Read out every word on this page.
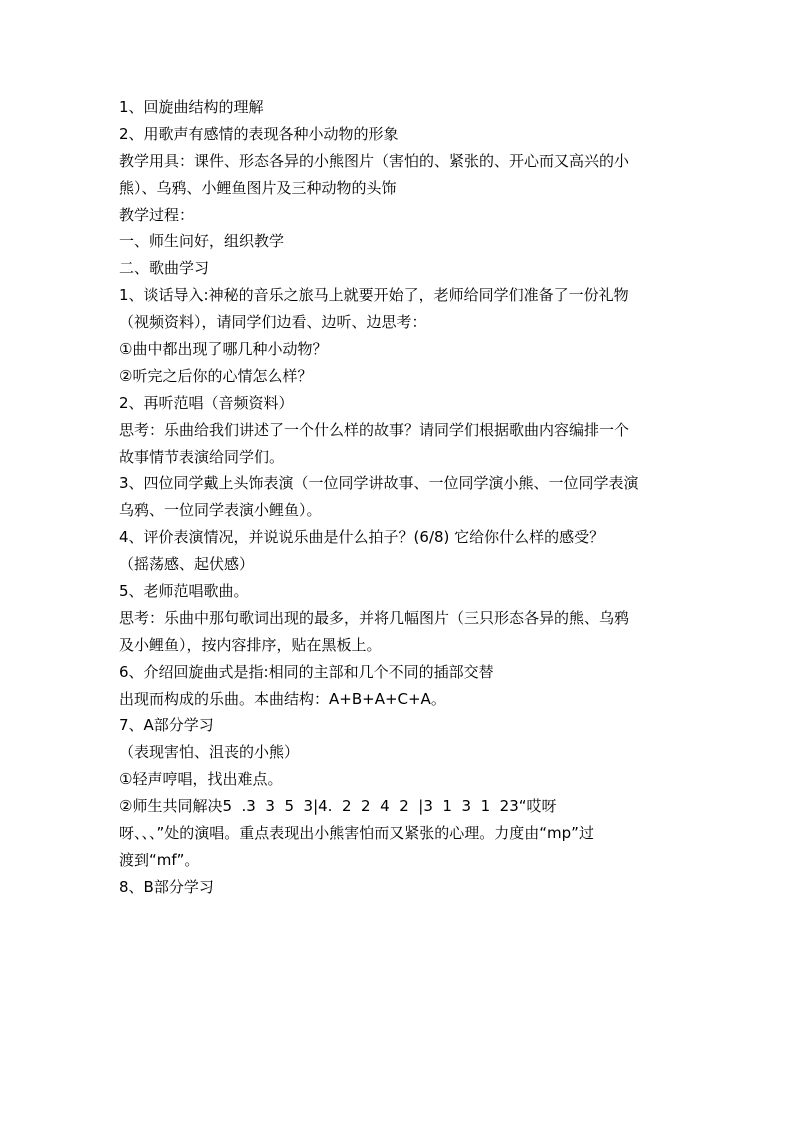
1、回旋曲结构的理解
2、用歌声有感情的表现各种小动物的形象
教学用具：课件、形态各异的小熊图片（害怕的、紧张的、开心而又高兴的小
熊）、乌鸦、小鲤鱼图片及三种动物的头饰
教学过程：
一、师生问好，组织教学
二、歌曲学习
1、谈话导入:神秘的音乐之旅马上就要开始了，老师给同学们准备了一份礼物
（视频资料），请同学们边看、边听、边思考：
①曲中都出现了哪几种小动物？
②听完之后你的心情怎么样？
2、再听范唱（音频资料）
思考：乐曲给我们讲述了一个什么样的故事？请同学们根据歌曲内容编排一个
故事情节表演给同学们。
3、四位同学戴上头饰表演（一位同学讲故事、一位同学演小熊、一位同学表演
乌鸦、一位同学表演小鲤鱼）。
4、评价表演情况，并说说乐曲是什么拍子？(6/8) 它给你什么样的感受？
（摇荡感、起伏感）
5、老师范唱歌曲。
思考：乐曲中那句歌词出现的最多，并将几幅图片（三只形态各异的熊、乌鸦
及小鲤鱼），按内容排序，贴在黑板上。
6、介绍回旋曲式是指:相同的主部和几个不同的插部交替
出现而构成的乐曲。本曲结构：A+B+A+C+A。
7、A部分学习
（表现害怕、沮丧的小熊）
①轻声哼唱，找出难点。
②师生共同解决5  .3  3  5  3|4.  2  2  4  2  |3  1  3  1  23“哎呀
呀、、、”处的演唱。重点表现出小熊害怕而又紧张的心理。力度由“mp”过
渡到“mf”。
8、B部分学习
